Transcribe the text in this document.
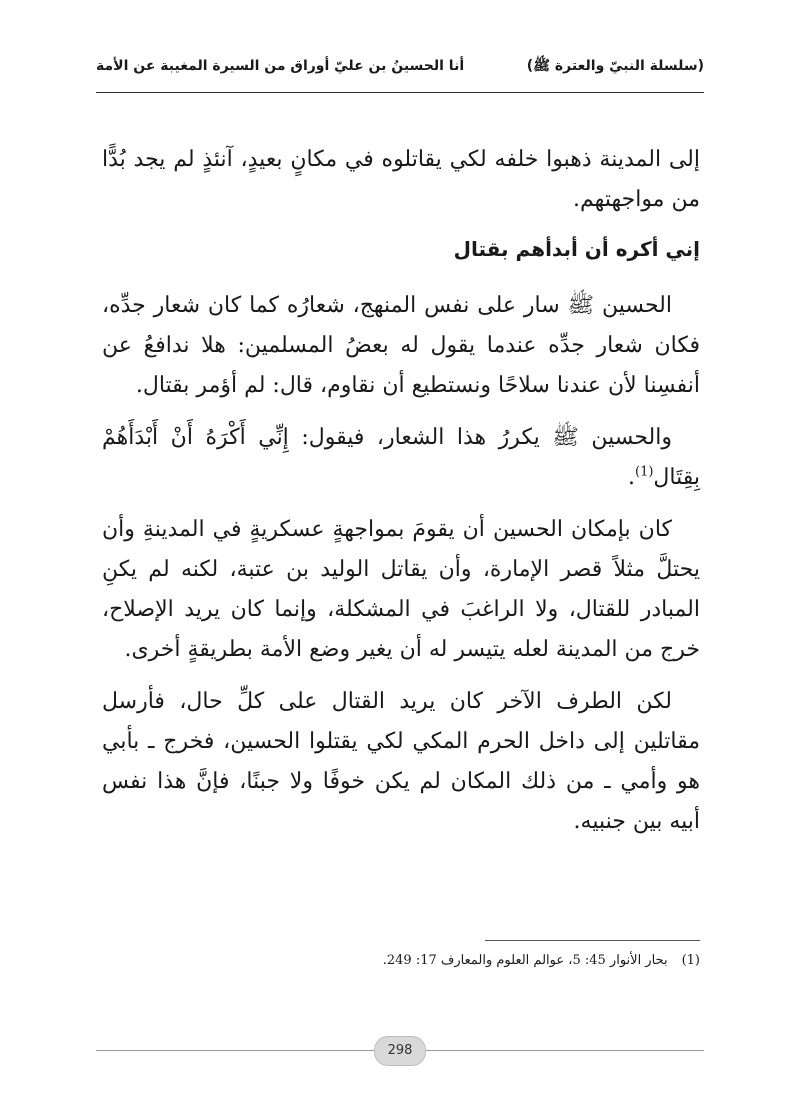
(سلسلة النبيّ والعترة ﷺ)
أنا الحسينُ بن عليّ أوراق من السيرة المغيبة عن الأمة

إلى المدينة ذهبوا خلفه لكي يقاتلوه في مكانٍ بعيدٍ، آنئذٍ لم يجد بُدًّا من مواجهتهم.

إني أكره أن أبدأهم بقتال

الحسين ﷺ سار على نفس المنهج، شعارُه كما كان شعار جدِّه، فكان شعار جدِّه عندما يقول له بعضُ المسلمين: هلا ندافعُ عن أنفسِنا لأن عندنا سلاحًا ونستطيع أن نقاوم، قال: لم أؤمر بقتال.

والحسين ﷺ يكررُ هذا الشعار، فيقول: إِنِّي أَكْرَهُ أَنْ أَبْدَأَهُمْ بِقِتَال$^{(1)}$.

كان بإمكان الحسين أن يقومَ بمواجهةٍ عسكريةٍ في المدينةِ وأن يحتلَّ مثلاً قصر الإمارة، وأن يقاتل الوليد بن عتبة، لكنه لم يكنِ المبادر للقتال، ولا الراغبَ في المشكلة، وإنما كان يريد الإصلاح، خرج من المدينة لعله يتيسر له أن يغير وضع الأمة بطريقةٍ أخرى.

لكن الطرف الآخر كان يريد القتال على كلِّ حال، فأرسل مقاتلين إلى داخل الحرم المكي لكي يقتلوا الحسين، فخرج ـ بأبي هو وأمي ـ من ذلك المكان لم يكن خوفًا ولا جبنًا، فإنَّ هذا نفس أبيه بين جنبيه.

(1)
بحار الأنوار 45: 5، عوالم العلوم والمعارف 17: 249.
298
